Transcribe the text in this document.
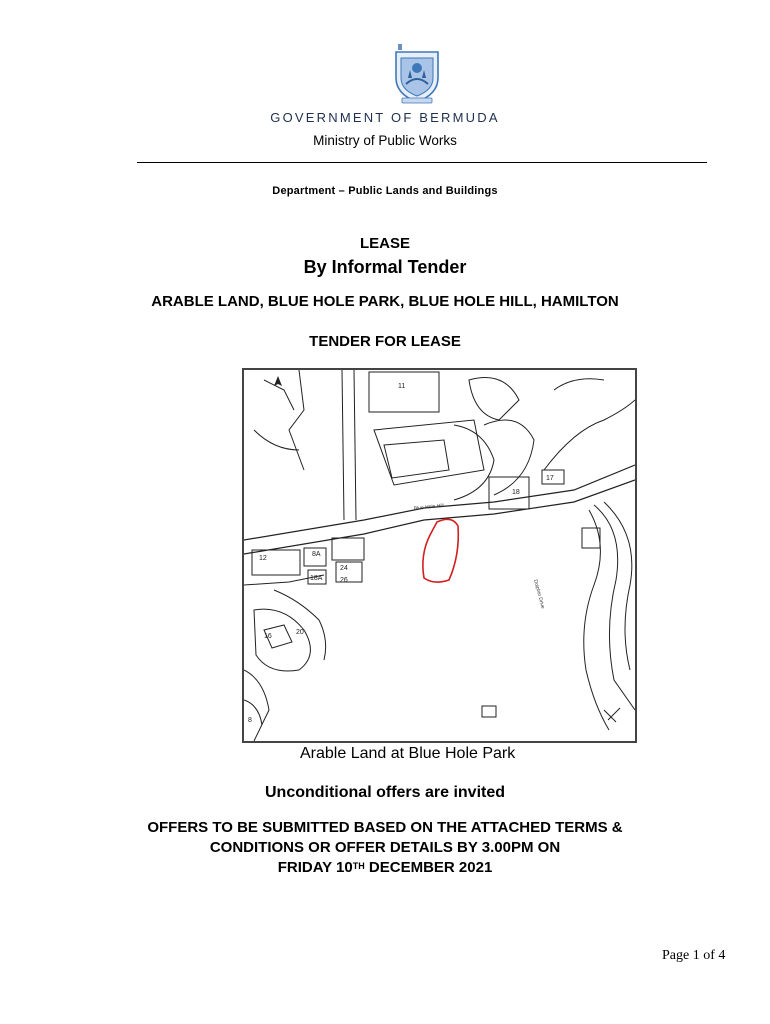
GOVERNMENT OF BERMUDA
Ministry of Public Works
Department – Public Lands and Buildings
LEASE
By Informal Tender
ARABLE LAND, BLUE HOLE PARK, BLUE HOLE HILL, HAMILTON
TENDER FOR LEASE
11
18
17
12
8A
24
26
18A
20
16
8
Blue Hole Hill
Dolphin Drive
Arable Land at Blue Hole Park
Unconditional offers are invited
OFFERS TO BE SUBMITTED BASED ON THE ATTACHED TERMS &
CONDITIONS OR OFFER DETAILS BY 3.00PM ON
FRIDAY 10TH DECEMBER 2021
Page 1 of 4
